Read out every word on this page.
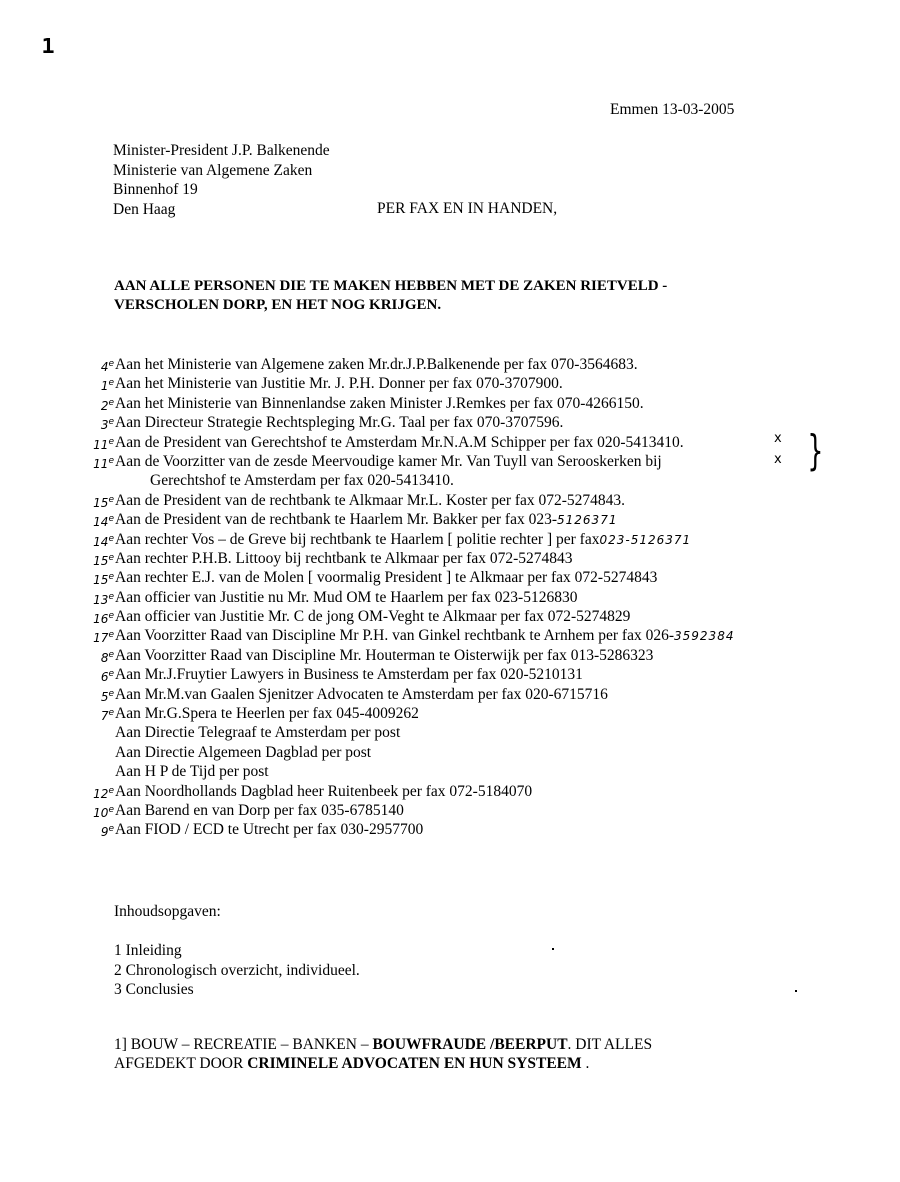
1
Emmen 13-03-2005
Minister-President J.P. Balkenende
Ministerie van Algemene Zaken
Binnenhof 19
Den Haag	PER FAX EN IN HANDEN,
AAN ALLE PERSONEN DIE TE MAKEN HEBBEN MET DE ZAKEN RIETVELD -
VERSCHOLEN DORP, EN HET NOG KRIJGEN.
4eAan het Ministerie van Algemene zaken Mr.dr.J.P.Balkenende per fax 070-3564683.
1eAan het Ministerie van Justitie Mr. J. P.H. Donner per fax 070-3707900.
2eAan het Ministerie van Binnenlandse zaken Minister J.Remkes per fax 070-4266150.
3eAan Directeur Strategie Rechtspleging Mr.G. Taal per fax 070-3707596.
11eAan de President van Gerechtshof te Amsterdam Mr.N.A.M Schipper per fax 020-5413410.
11eAan de Voorzitter van de zesde Meervoudige kamer Mr. Van Tuyll van Serooskerken bij
Gerechtshof te Amsterdam per fax 020-5413410.
15eAan de President van de rechtbank te Alkmaar Mr.L. Koster per fax 072-5274843.
14eAan de President van de rechtbank te Haarlem Mr. Bakker per fax 023-5126371
14eAan rechter Vos – de Greve bij rechtbank te Haarlem [ politie rechter ] per fax023-5126371
15eAan rechter P.H.B. Littooy bij rechtbank te Alkmaar per fax 072-5274843
15eAan rechter E.J. van de Molen [ voormalig President ] te Alkmaar per fax 072-5274843
13eAan officier van Justitie nu Mr. Mud OM te Haarlem per fax 023-5126830
16eAan officier van Justitie Mr. C de jong OM-Veght te Alkmaar per fax 072-5274829
17eAan Voorzitter Raad van Discipline Mr P.H. van Ginkel rechtbank te Arnhem per fax 026-3592384
8eAan Voorzitter Raad van Discipline Mr. Houterman te Oisterwijk per fax 013-5286323
6eAan Mr.J.Fruytier Lawyers in Business te Amsterdam per fax 020-5210131
5eAan Mr.M.van Gaalen Sjenitzer Advocaten te Amsterdam per fax 020-6715716
7eAan Mr.G.Spera te Heerlen per fax 045-4009262
Aan Directie Telegraaf te Amsterdam per post
Aan Directie Algemeen Dagblad per post
Aan H P de Tijd per post
12eAan Noordhollands Dagblad heer Ruitenbeek per fax 072-5184070
10eAan Barend en van Dorp per fax 035-6785140
9eAan FIOD / ECD te Utrecht per fax 030-2957700
x
x }
Inhoudsopgaven:
1 Inleiding
2 Chronologisch overzicht, individueel.
3 Conclusies
1] BOUW – RECREATIE – BANKEN – BOUWFRAUDE /BEERPUT. DIT ALLES
AFGEDEKT DOOR CRIMINELE ADVOCATEN EN HUN SYSTEEM .
